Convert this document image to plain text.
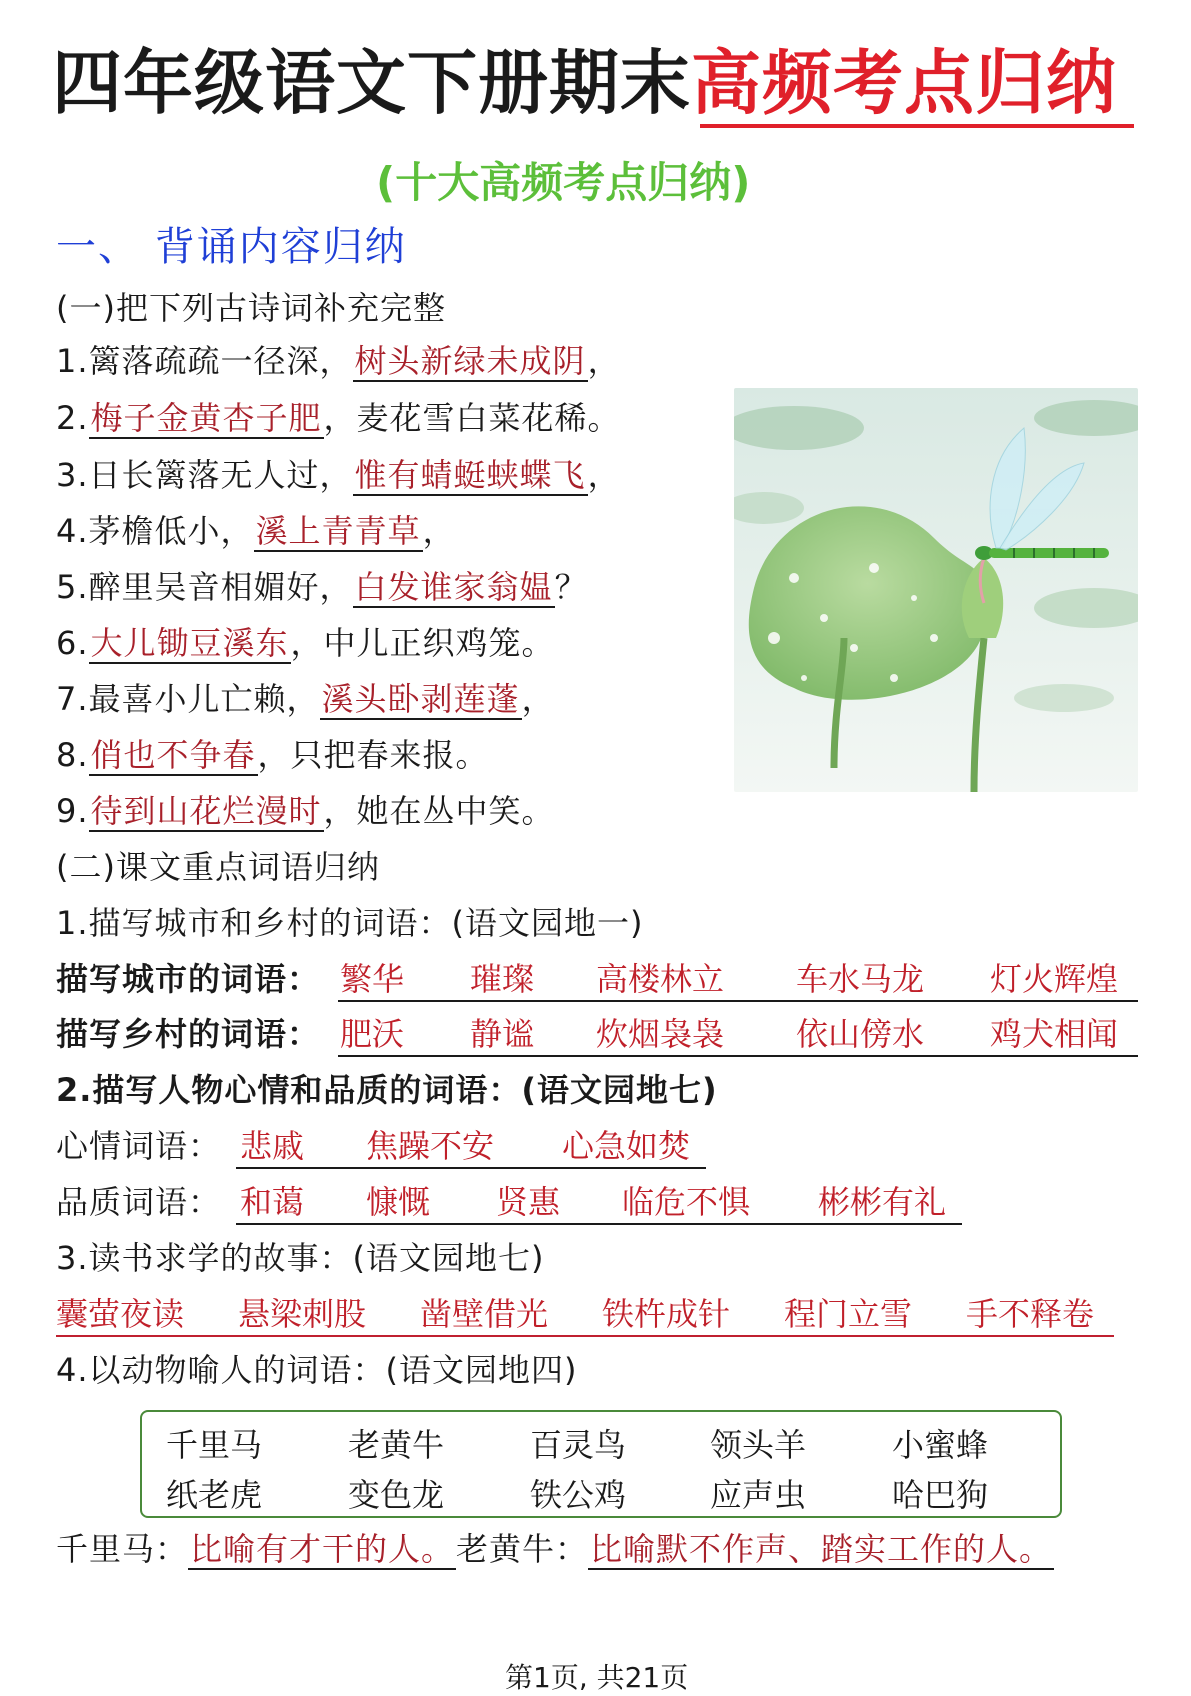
四年级语文下册期末高频考点归纳
(十大高频考点归纳)
一、 背诵内容归纳
(一)把下列古诗词补充完整
1.篱落疏疏一径深，树头新绿未成阴，
2.梅子金黄杏子肥，麦花雪白菜花稀。
3.日长篱落无人过，惟有蜻蜓蛱蝶飞，
4.茅檐低小，溪上青青草，
5.醉里吴音相媚好，白发谁家翁媪？
6.大儿锄豆溪东，中儿正织鸡笼。
7.最喜小儿亡赖，溪头卧剥莲蓬，
8.俏也不争春，只把春来报。
9.待到山花烂漫时，她在丛中笑。
(二)课文重点词语归纳
1.描写城市和乡村的词语：(语文园地一)
描写城市的词语： 繁华 璀璨 高楼林立 车水马龙 灯火辉煌
描写乡村的词语： 肥沃 静谧 炊烟袅袅 依山傍水 鸡犬相闻
2.描写人物心情和品质的词语：(语文园地七)
心情词语： 悲戚 焦躁不安 心急如焚
品质词语： 和蔼 慷慨 贤惠 临危不惧 彬彬有礼
3.读书求学的故事：(语文园地七)
囊萤夜读 悬梁刺股 凿壁借光 铁杵成针 程门立雪 手不释卷
4.以动物喻人的词语：(语文园地四)
千里马	老黄牛	百灵鸟	领头羊	小蜜蜂
纸老虎	变色龙	铁公鸡	应声虫	哈巴狗
千里马：比喻有才干的人。老黄牛：比喻默不作声、踏实工作的人。
第1页, 共21页
